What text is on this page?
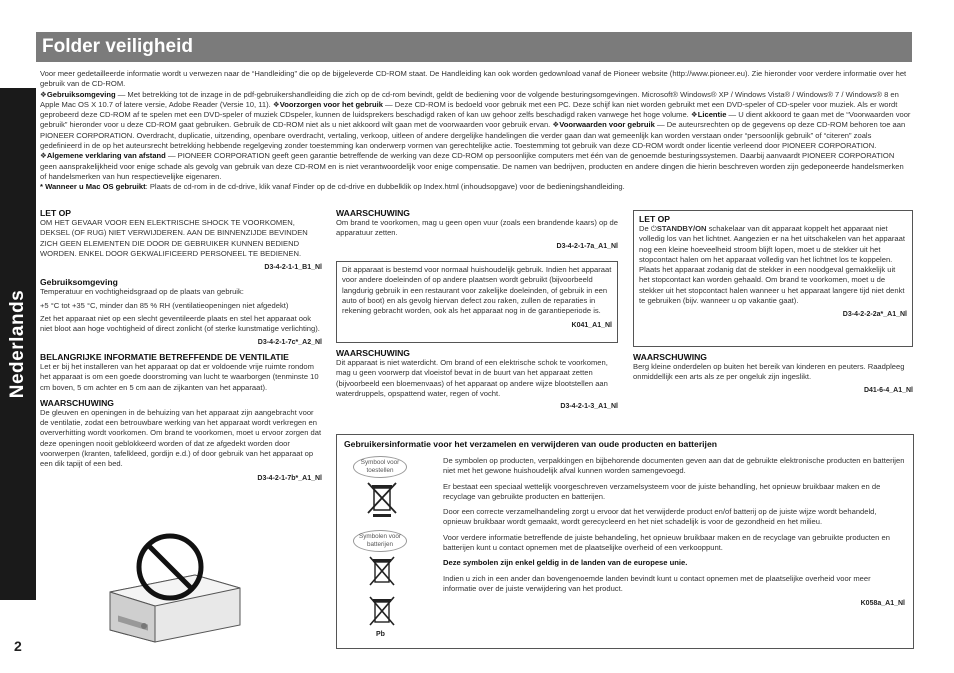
Nederlands
Folder veiligheid
Voor meer gedetailleerde informatie wordt u verwezen naar de “Handleiding” die op de bijgeleverde CD-ROM staat. De Handleiding kan ook worden gedownload vanaf de Pioneer website (http://www.pioneer.eu). Zie hieronder voor verdere informatie over het gebruik van de CD-ROM.
❖Gebruiksomgeving — Met betrekking tot de inzage in de pdf-gebruikershandleiding die zich op de cd-rom bevindt, geldt de bediening voor de volgende besturingsomgevingen. Microsoft® Windows® XP / Windows Vista® / Windows® 7 / Windows® 8 en Apple Mac OS X 10.7 of latere versie, Adobe Reader (Versie 10, 11). ❖Voorzorgen voor het gebruik — Deze CD-ROM is bedoeld voor gebruik met een PC. Deze schijf kan niet worden gebruikt met een DVD-speler of CD-speler voor muziek. Als er wordt geprobeerd deze CD-ROM af te spelen met een DVD-speler of muziek CDspeler, kunnen de luidsprekers beschadigd raken of kan uw gehoor zelfs beschadigd raken vanwege het hoge volume. ❖Licentie — U dient akkoord te gaan met de “Voorwaarden voor gebruik” hieronder voor u deze CD-ROM gaat gebruiken. Gebruik de CD-ROM niet als u niet akkoord wilt gaan met de voorwaarden voor gebruik ervan. ❖Voorwaarden voor gebruik — De auteursrechten op de gegevens op deze CD-ROM behoren toe aan PIONEER CORPORATION. Overdracht, duplicatie, uitzending, openbare overdracht, vertaling, verkoop, uitleen of andere dergelijke handelingen die verder gaan dan wat gemeenlijk kan worden verstaan onder “persoonlijk gebruik” of “citeren” zoals gedefinieerd in de op het auteursrecht betrekking hebbende regelgeving zonder toestemming kan onderwerp vormen van gerechtelijke actie. Toestemming tot gebruik van deze CD-ROM wordt onder licentie verleend door PIONEER CORPORATION. ❖Algemene verklaring van afstand — PIONEER CORPORATION geeft geen garantie betreffende de werking van deze CD-ROM op persoonlijke computers met één van de genoemde besturingssystemen. Daarbij aanvaardt PIONEER CORPORATION geen aansprakelijkheid voor enige schade als gevolg van gebruik van deze CD-ROM en is niet verantwoordelijk voor enige compensatie. De namen van bedrijven, producten en andere dingen die hierin beschreven worden zijn gedeponeerde handelsmerken of handelsmerken van hun respectievelijke eigenaren.
* Wanneer u Mac OS gebruikt: Plaats de cd-rom in de cd-drive, klik vanaf Finder op de cd-drive en dubbelklik op Index.html (inhoudsopgave) voor de bedieningshandleiding.
LET OP

OM HET GEVAAR VOOR EEN ELEKTRISCHE SHOCK TE VOORKOMEN, DEKSEL (OF RUG) NIET VERWIJDEREN. AAN DE BINNENZIJDE BEVINDEN ZICH GEEN ELEMENTEN DIE DOOR DE GEBRUIKER KUNNEN BEDIEND WORDEN. ENKEL DOOR GEKWALIFICEERD PERSONEEL TE BEDIENEN.

D3-4-2-1-1_B1_Nl
Gebruiksomgeving

Temperatuur en vochtigheidsgraad op de plaats van gebruik:

+5 °C tot +35 °C, minder dan 85 % RH (ventilatieopeningen niet afgedekt)

Zet het apparaat niet op een slecht geventileerde plaats en stel het apparaat ook niet bloot aan hoge vochtigheid of direct zonlicht (of sterke kunstmatige verlichting).

D3-4-2-1-7c*_A2_Nl
BELANGRIJKE INFORMATIE BETREFFENDE DE VENTILATIE

Let er bij het installeren van het apparaat op dat er voldoende vrije ruimte rondom het apparaat is om een goede doorstroming van lucht te waarborgen (tenminste 10 cm boven, 5 cm achter en 5 cm aan de zijkanten van het apparaat).

WAARSCHUWING

De gleuven en openingen in de behuizing van het apparaat zijn aangebracht voor de ventilatie, zodat een betrouwbare werking van het apparaat wordt verkregen en oververhitting wordt voorkomen. Om brand te voorkomen, moet u ervoor zorgen dat deze openingen nooit geblokkeerd worden of dat ze afgedekt worden door voorwerpen (kranten, tafelkleed, gordijn e.d.) of door gebruik van het apparaat op een dik tapijt of een bed.

D3-4-2-1-7b*_A1_Nl
WAARSCHUWING

Om brand te voorkomen, mag u geen open vuur (zoals een brandende kaars) op de apparatuur zetten.

D3-4-2-1-7a_A1_Nl

Dit apparaat is bestemd voor normaal huishoudelijk gebruik. Indien het apparaat voor andere doeleinden of op andere plaatsen wordt gebruikt (bijvoorbeeld langdurig gebruik in een restaurant voor zakelijke doeleinden, of gebruik in een auto of boot) en als gevolg hiervan defect zou raken, zullen de reparaties in rekening gebracht worden, ook als het apparaat nog in de garantieperiode is.

K041_A1_Nl
WAARSCHUWING

Dit apparaat is niet waterdicht. Om brand of een elektrische schok te voorkomen, mag u geen voorwerp dat vloeistof bevat in de buurt van het apparaat zetten (bijvoorbeeld een bloemenvaas) of het apparaat op andere wijze blootstellen aan waterdruppels, opspattend water, regen of vocht.

D3-4-2-1-3_A1_Nl
LET OP

De ⏻STANDBY/ON schakelaar van dit apparaat koppelt het apparaat niet volledig los van het lichtnet. Aangezien er na het uitschakelen van het apparaat nog een kleine hoeveelheid stroom blijft lopen, moet u de stekker uit het stopcontact halen om het apparaat volledig van het lichtnet los te koppelen. Plaats het apparaat zodanig dat de stekker in een noodgeval gemakkelijk uit het stopcontact kan worden gehaald. Om brand te voorkomen, moet u de stekker uit het stopcontact halen wanneer u het apparaat langere tijd niet denkt te gebruiken (bijv. wanneer u op vakantie gaat).

D3-4-2-2-2a*_A1_Nl
WAARSCHUWING

Berg kleine onderdelen op buiten het bereik van kinderen en peuters. Raadpleeg onmiddellijk een arts als ze per ongeluk zijn ingeslikt.

D41-6-4_A1_Nl
Gebruikersinformatie voor het verzamelen en verwijderen van oude producten en batterijen
Symbool voor toestellen
Symbolen voor batterijen
Pb

De symbolen op producten, verpakkingen en bijbehorende documenten geven aan dat de gebruikte elektronische producten en batterijen niet met het gewone huishoudelijk afval kunnen worden samengevoegd.

Er bestaat een speciaal wettelijk voorgeschreven verzamelsysteem voor de juiste behandling, het opnieuw bruikbaar maken en de recyclage van gebruikte producten en batterijen.

Door een correcte verzamelhandeling zorgt u ervoor dat het verwijderde product en/of batterij op de juiste wijze wordt behandeld, opnieuw bruikbaar wordt gemaakt, wordt gerecycleerd en het niet schadelijk is voor de gezondheid en het milieu.

Voor verdere informatie betreffende de juiste behandeling, het opnieuw bruikbaar maken en de recyclage van gebruikte producten en batterijen kunt u contact opnemen met de plaatselijke overheid of een verkooppunt.

Deze symbolen zijn enkel geldig in de landen van de europese unie.

Indien u zich in een ander dan bovengenoemde landen bevindt kunt u contact opnemen met de plaatselijke overheid voor meer informatie over de juiste verwijdering van het product.

K058a_A1_Nl
2
